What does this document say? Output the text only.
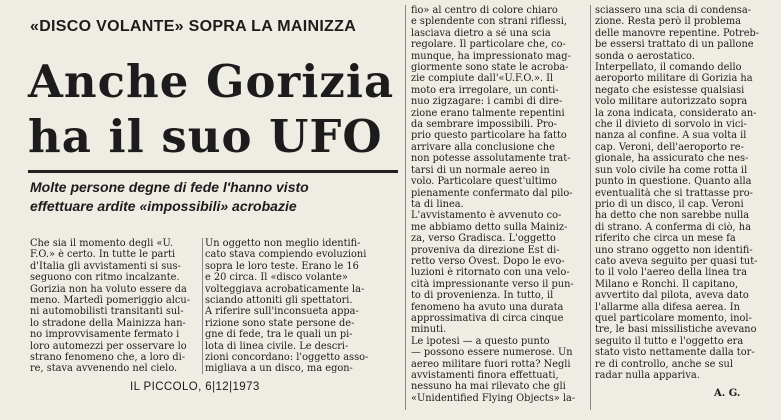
«DISCO VOLANTE» SOPRA LA MAINIZZA
Anche Gorizia
ha il suo UFO
Molte persone degne di fede l'hanno visto
effettuare ardite «impossibili» acrobazie
Che sia il momento degli «U.
F.O.» è certo. In tutte le parti
d'Italia gli avvistamenti si sus-
seguono con ritmo incalzante.
Gorizia non ha voluto essere da
meno. Martedì pomeriggio alcu-
ni automobilisti transitanti sul-
lo stradone della Mainizza han-
no improvvisamente fermato i
loro automezzi per osservare lo
strano fenomeno che, a loro di-
re, stava avvenendo nel cielo.
Un oggetto non meglio identifi-
cato stava compiendo evoluzioni
sopra le loro teste. Erano le 16
e 20 circa. Il «disco volante»
volteggiava acrobaticamente la-
sciando attoniti gli spettatori.
A riferire sull'inconsueta appa-
rizione sono state persone de-
gne di fede, tra le quali un pi-
lota di linea civile. Le descri-
zioni concordano: l'oggetto asso-
migliava a un disco, ma egon-
fio» al centro di colore chiaro
e splendente con strani riflessi,
lasciava dietro a sé una scia
regolare. Il particolare che, co-
munque, ha impressionato mag-
giormente sono state le acroba-
zie compiute dall'«U.F.O.». Il
moto era irregolare, un conti-
nuo zigzagare: i cambi di dire-
zione erano talmente repentini
da sembrare impossibili. Pro-
prio questo particolare ha fatto
arrivare alla conclusione che
non potesse assolutamente trat-
tarsi di un normale aereo in
volo. Particolare quest'ultimo
pienamente confermato dal pilo-
ta di linea.
L'avvistamento è avvenuto co-
me abbiamo detto sulla Mainiz-
za, verso Gradisca. L'oggetto
proveniva da direzione Est di-
retto verso Ovest. Dopo le evo-
luzioni è ritornato con una velo-
cità impressionante verso il pun-
to di provenienza. In tutto, il
fenomeno ha avuto una durata
approssimativa di circa cinque
minuti.
Le ipotesi — a questo punto
— possono essere numerose. Un
aereo militare fuori rotta? Negli
avvistamenti finora effettuati,
nessuno ha mai rilevato che gli
«Unidentified Flying Objects» la-
sciassero una scia di condensa-
zione. Resta però il problema
delle manovre repentine. Potreb-
be essersi trattato di un pallone
sonda o aerostatico.
Interpellato, il comando dello
aeroporto militare di Gorizia ha
negato che esistesse qualsiasi
volo militare autorizzato sopra
la zona indicata, considerato an-
che il divieto di sorvolo in vici-
nanza al confine. A sua volta il
cap. Veroni, dell'aeroporto re-
gionale, ha assicurato che nes-
sun volo civile ha come rotta il
punto in questione. Quanto alla
eventualità che si trattasse pro-
prio di un disco, il cap. Veroni
ha detto che non sarebbe nulla
di strano. A conferma di ciò, ha
riferito che circa un mese fa
uno strano oggetto non identifi-
cato aveva seguito per quasi tut-
to il volo l'aereo della linea tra
Milano e Ronchi. Il capitano,
avvertito dal pilota, aveva dato
l'allarme alla difesa aerea. In
quel particolare momento, inol-
tre, le basi missilistiche avevano
seguito il tutto e l'oggetto era
stato visto nettamente dalla tor-
re di controllo, anche se sul
radar nulla appariva.
IL PICCOLO, 6|12|1973
A. G.
